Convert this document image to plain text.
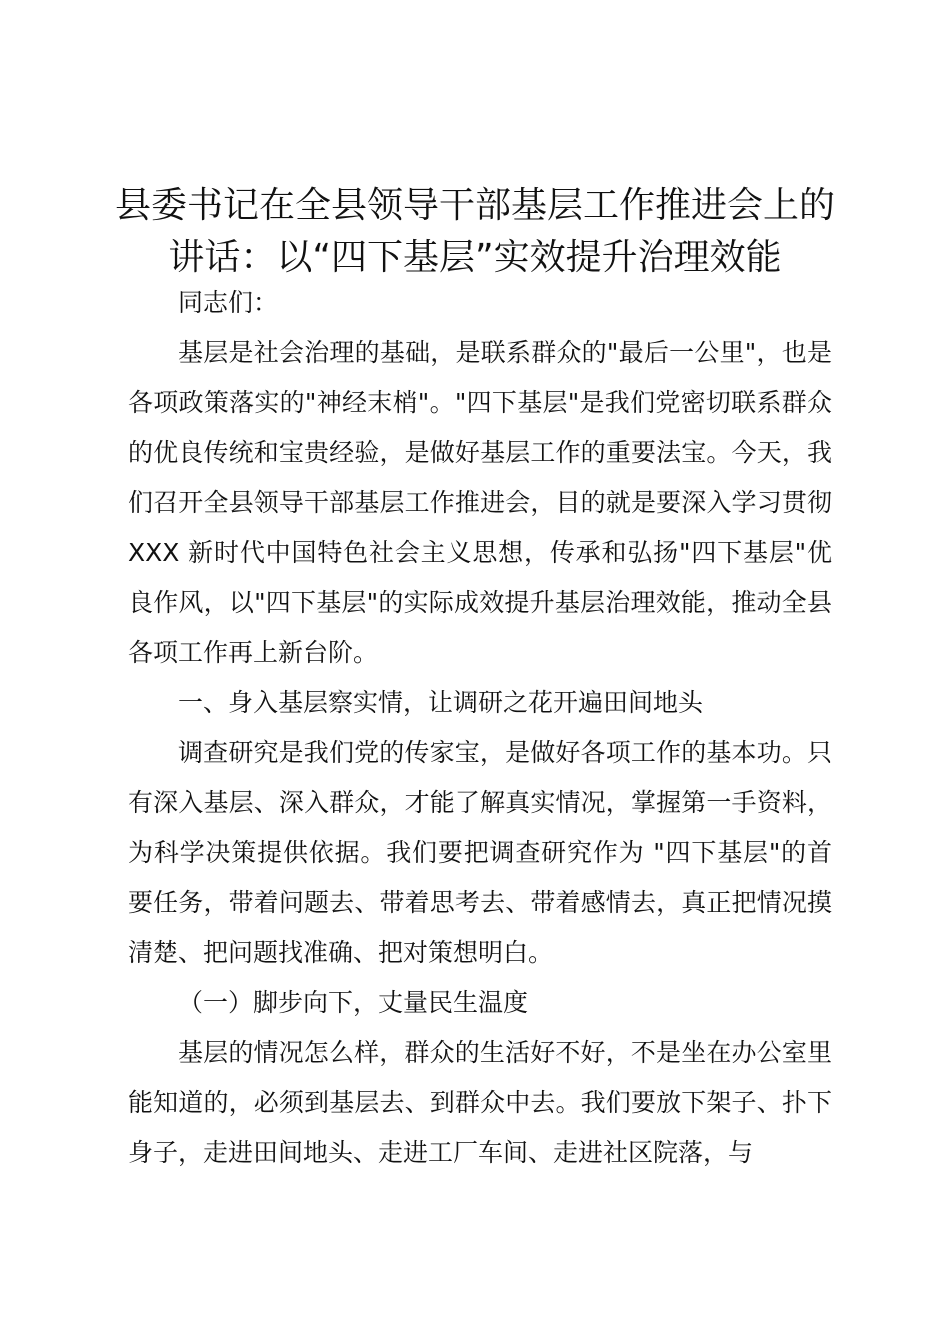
县委书记在全县领导干部基层工作推进会上的
讲话：以“四下基层”实效提升治理效能

同志们：

基层是社会治理的基础，是联系群众的"最后一公里"，也是各项政策落实的"神经末梢"。"四下基层"是我们党密切联系群众的优良传统和宝贵经验，是做好基层工作的重要法宝。今天，我们召开全县领导干部基层工作推进会，目的就是要深入学习贯彻 XXX 新时代中国特色社会主义思想，传承和弘扬"四下基层"优良作风，以"四下基层"的实际成效提升基层治理效能，推动全县各项工作再上新台阶。

一、身入基层察实情，让调研之花开遍田间地头

调查研究是我们党的传家宝，是做好各项工作的基本功。只有深入基层、深入群众，才能了解真实情况，掌握第一手资料，为科学决策提供依据。我们要把调查研究作为 "四下基层"的首要任务，带着问题去、带着思考去、带着感情去，真正把情况摸清楚、把问题找准确、把对策想明白。

（一）脚步向下，丈量民生温度

基层的情况怎么样，群众的生活好不好，不是坐在办公室里能知道的，必须到基层去、到群众中去。我们要放下架子、扑下身子，走进田间地头、走进工厂车间、走进社区院落，与
